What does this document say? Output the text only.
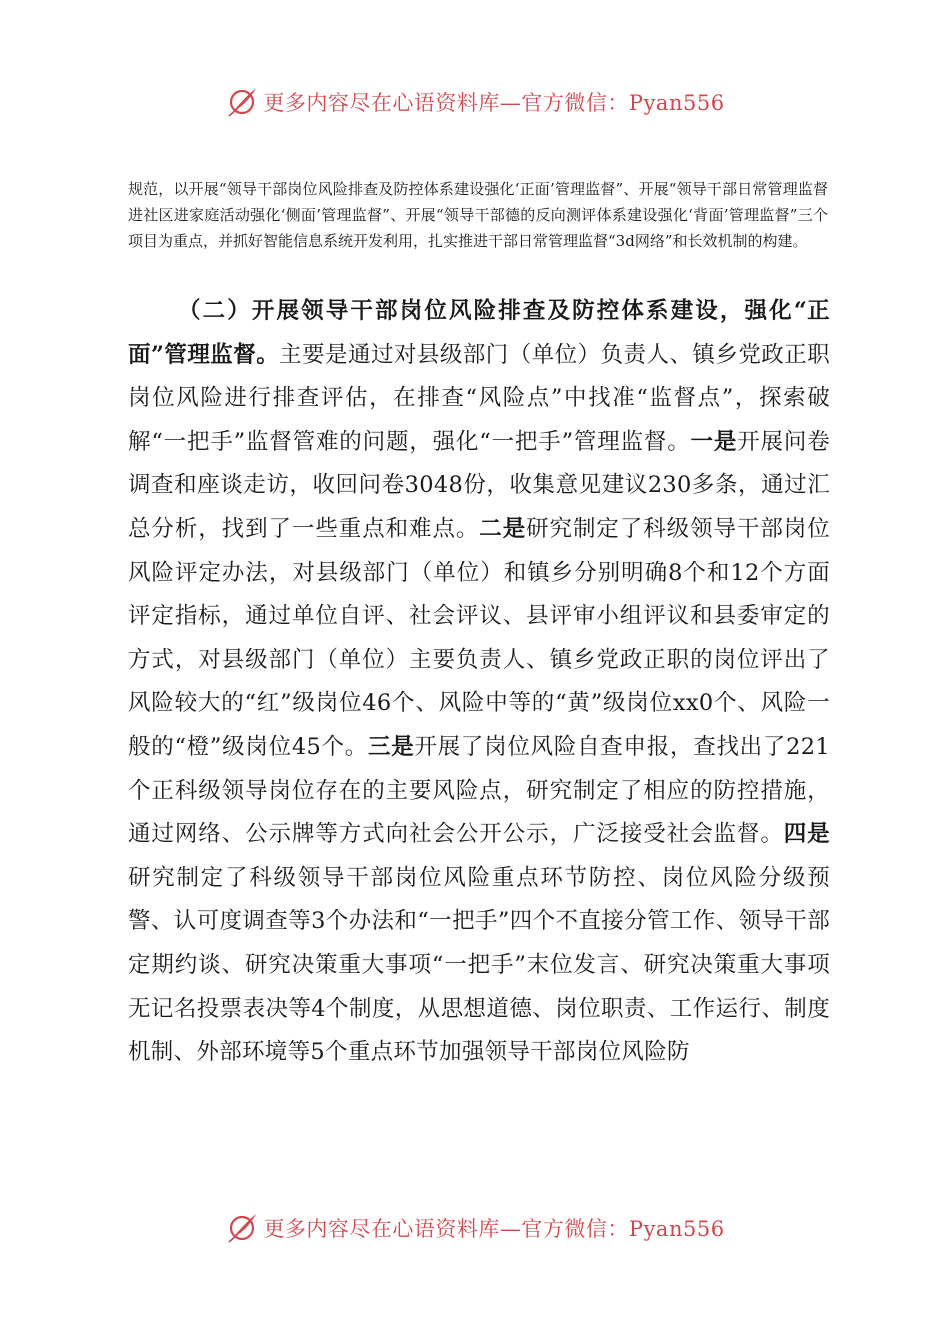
更多内容尽在心语资料库—官方微信：Pyan556

规范，以开展“领导干部岗位风险排查及防控体系建设强化‘正面’管理监督”、开展“领导干部日常管理监督进社区进家庭活动强化‘侧面’管理监督”、开展“领导干部德的反向测评体系建设强化‘背面’管理监督”三个项目为重点，并抓好智能信息系统开发利用，扎实推进干部日常管理监督“3d网络”和长效机制的构建。

（二）开展领导干部岗位风险排查及防控体系建设，强化“正面”管理监督。主要是通过对县级部门（单位）负责人、镇乡党政正职岗位风险进行排查评估，在排查“风险点”中找准“监督点”，探索破解“一把手”监督管难的问题，强化“一把手”管理监督。一是开展问卷调查和座谈走访，收回问卷3048份，收集意见建议230多条，通过汇总分析，找到了一些重点和难点。二是研究制定了科级领导干部岗位风险评定办法，对县级部门（单位）和镇乡分别明确8个和12个方面评定指标，通过单位自评、社会评议、县评审小组评议和县委审定的方式，对县级部门（单位）主要负责人、镇乡党政正职的岗位评出了风险较大的“红”级岗位46个、风险中等的“黄”级岗位xx0个、风险一般的“橙”级岗位45个。三是开展了岗位风险自查申报，查找出了221个正科级领导岗位存在的主要风险点，研究制定了相应的防控措施，通过网络、公示牌等方式向社会公开公示，广泛接受社会监督。四是研究制定了科级领导干部岗位风险重点环节防控、岗位风险分级预警、认可度调查等3个办法和“一把手”四个不直接分管工作、领导干部定期约谈、研究决策重大事项“一把手”末位发言、研究决策重大事项无记名投票表决等4个制度，从思想道德、岗位职责、工作运行、制度机制、外部环境等5个重点环节加强领导干部岗位风险防

更多内容尽在心语资料库—官方微信：Pyan556
